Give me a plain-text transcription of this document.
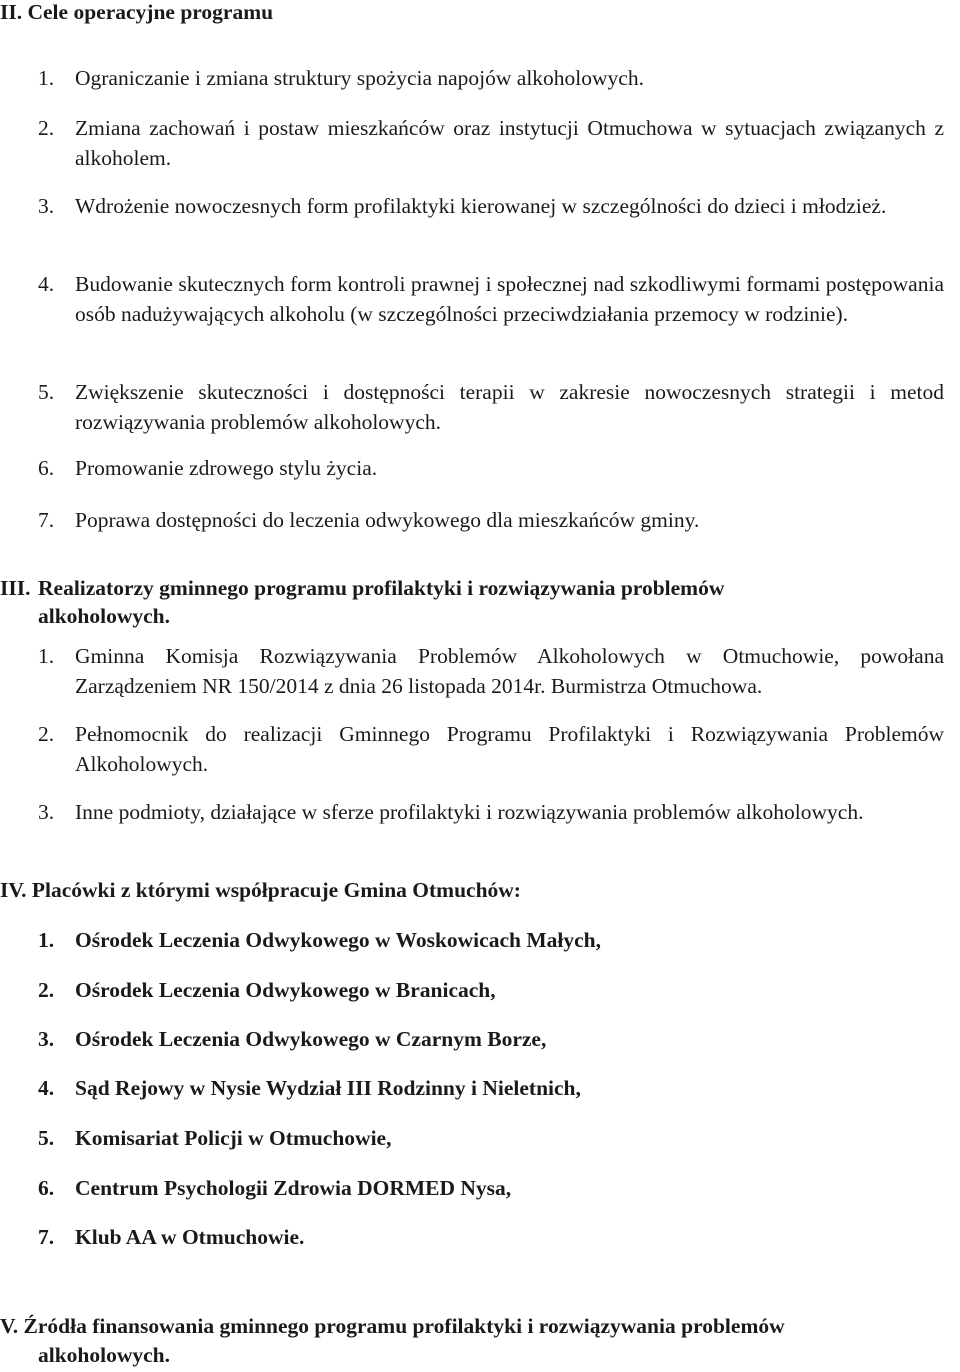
II. Cele operacyjne programu
1. Ograniczanie i zmiana struktury spożycia napojów alkoholowych.
2. Zmiana zachowań i postaw mieszkańców oraz instytucji Otmuchowa w sytuacjach związanych z alkoholem.
3. Wdrożenie nowoczesnych form profilaktyki kierowanej w szczególności do dzieci i młodzież.
4. Budowanie skutecznych form kontroli prawnej i społecznej nad szkodliwymi formami postępowania osób nadużywających alkoholu (w szczególności przeciwdziałania przemocy w rodzinie).
5. Zwiększenie skuteczności i dostępności terapii w zakresie nowoczesnych strategii i metod rozwiązywania problemów alkoholowych.
6. Promowanie zdrowego stylu życia.
7. Poprawa dostępności do leczenia odwykowego dla mieszkańców gminy.
III. Realizatorzy gminnego programu profilaktyki i rozwiązywania problemów
alkoholowych.
1. Gminna Komisja Rozwiązywania Problemów Alkoholowych w Otmuchowie, powołana Zarządzeniem NR 150/2014 z dnia 26 listopada 2014r. Burmistrza Otmuchowa.
2. Pełnomocnik do realizacji Gminnego Programu Profilaktyki i Rozwiązywania Problemów Alkoholowych.
3. Inne podmioty, działające w sferze profilaktyki i rozwiązywania problemów alkoholowych.
IV. Placówki z którymi współpracuje Gmina Otmuchów:
1. Ośrodek Leczenia Odwykowego w Woskowicach Małych,
2. Ośrodek Leczenia Odwykowego w Branicach,
3. Ośrodek Leczenia Odwykowego w Czarnym Borze,
4. Sąd Rejowy w Nysie Wydział III Rodzinny i Nieletnich,
5. Komisariat Policji w Otmuchowie,
6. Centrum Psychologii Zdrowia DORMED Nysa,
7. Klub AA w Otmuchowie.
V. Źródła finansowania gminnego programu profilaktyki i rozwiązywania problemów
alkoholowych.
